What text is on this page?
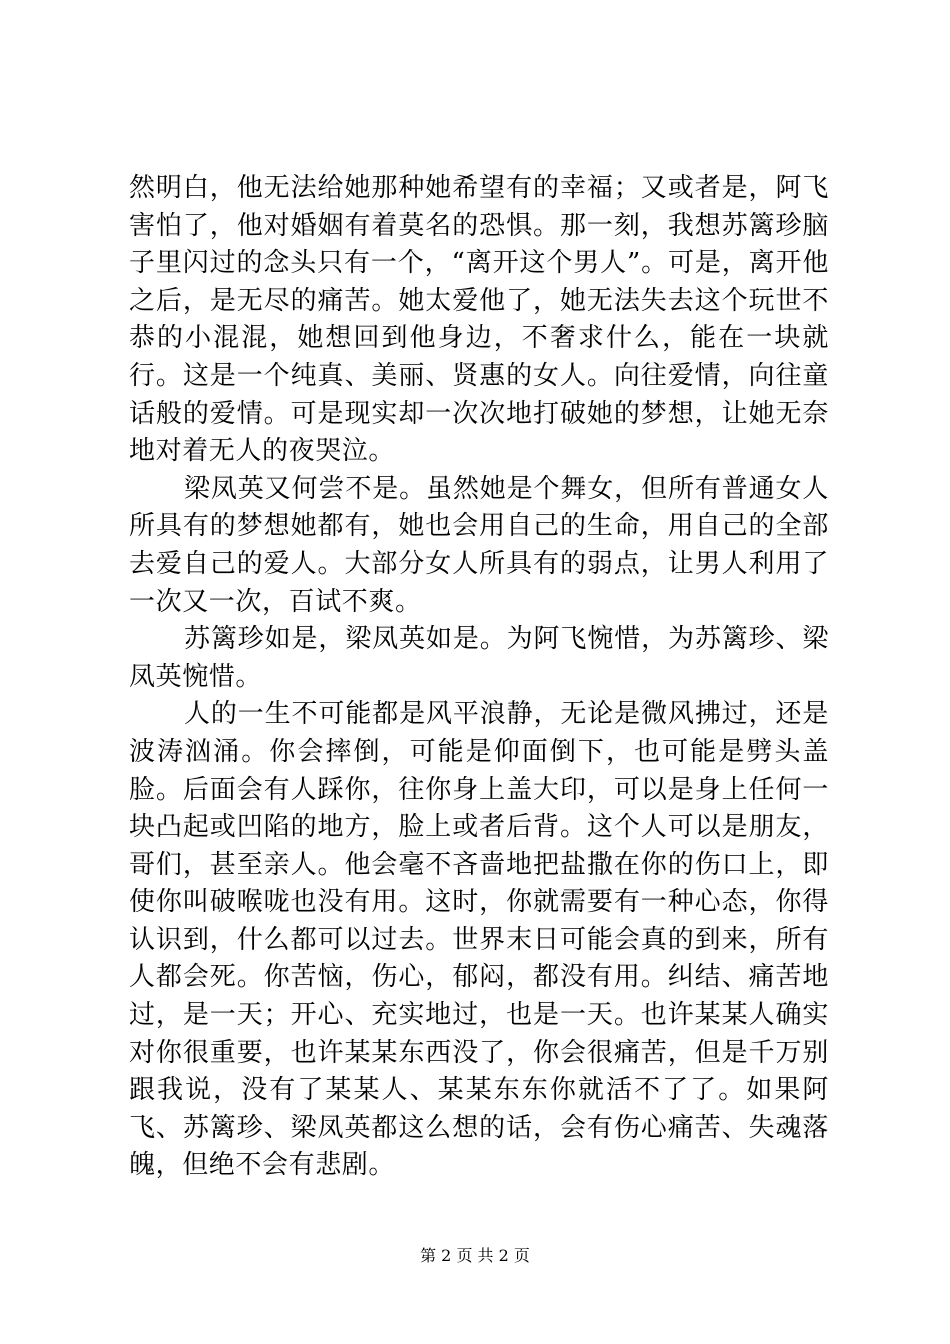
然明白，他无法给她那种她希望有的幸福；又或者是，阿飞害怕了，他对婚姻有着莫名的恐惧。那一刻，我想苏篱珍脑子里闪过的念头只有一个，“离开这个男人”。可是，离开他之后，是无尽的痛苦。她太爱他了，她无法失去这个玩世不恭的小混混，她想回到他身边，不奢求什么，能在一块就行。这是一个纯真、美丽、贤惠的女人。向往爱情，向往童话般的爱情。可是现实却一次次地打破她的梦想，让她无奈地对着无人的夜哭泣。

梁凤英又何尝不是。虽然她是个舞女，但所有普通女人所具有的梦想她都有，她也会用自己的生命，用自己的全部去爱自己的爱人。大部分女人所具有的弱点，让男人利用了一次又一次，百试不爽。

苏篱珍如是，梁凤英如是。为阿飞惋惜，为苏篱珍、梁凤英惋惜。

人的一生不可能都是风平浪静，无论是微风拂过，还是波涛汹涌。你会摔倒，可能是仰面倒下，也可能是劈头盖脸。后面会有人踩你，往你身上盖大印，可以是身上任何一块凸起或凹陷的地方，脸上或者后背。这个人可以是朋友，哥们，甚至亲人。他会毫不吝啬地把盐撒在你的伤口上，即使你叫破喉咙也没有用。这时，你就需要有一种心态，你得认识到，什么都可以过去。世界末日可能会真的到来，所有人都会死。你苦恼，伤心，郁闷，都没有用。纠结、痛苦地过，是一天；开心、充实地过，也是一天。也许某某人确实对你很重要，也许某某东西没了，你会很痛苦，但是千万别跟我说，没有了某某人、某某东东你就活不了了。如果阿飞、苏篱珍、梁凤英都这么想的话，会有伤心痛苦、失魂落魄，但绝不会有悲剧。

第 2 页 共 2 页
